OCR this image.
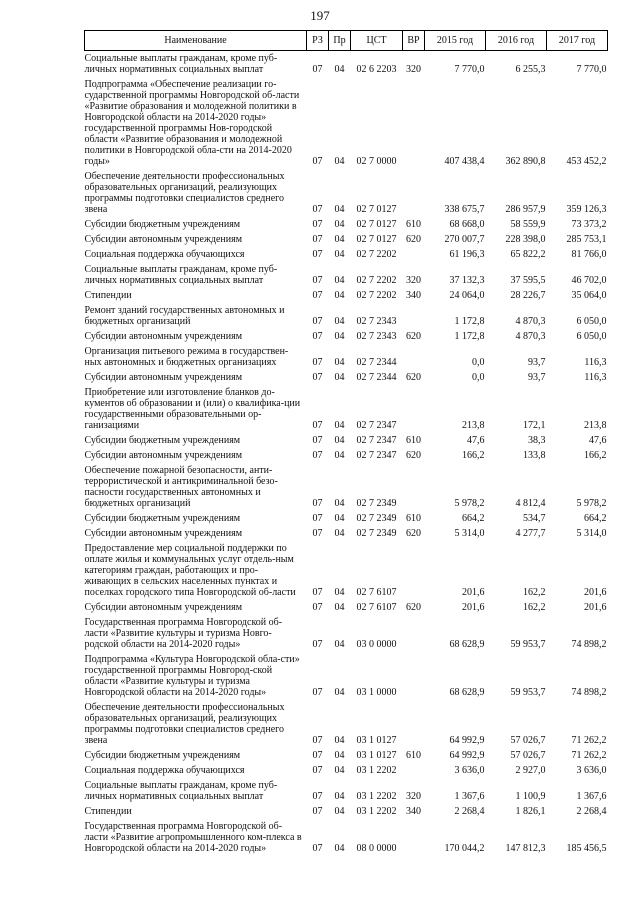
197
Наименование	РЗ	Пр	ЦСТ	ВР	2015 год	2016 год	2017 год
Социальные выплаты гражданам, кроме пуб-личных нормативных социальных выплат	07	04	02 6 2203	320	7 770,0	6 255,3	7 770,0
Подпрограмма «Обеспечение реализации го-сударственной программы Новгородской об-ласти «Развитие образования и молодежной политики в Новгородской области на 2014-2020 годы» государственной программы Нов-городской области «Развитие образования и молодежной политики в Новгородской обла-сти на 2014-2020 годы»	07	04	02 7 0000		407 438,4	362 890,8	453 452,2
Обеспечение деятельности профессиональных образовательных организаций, реализующих программы подготовки специалистов среднего звена	07	04	02 7 0127		338 675,7	286 957,9	359 126,3
Субсидии бюджетным учреждениям	07	04	02 7 0127	610	68 668,0	58 559,9	73 373,2
Субсидии автономным учреждениям	07	04	02 7 0127	620	270 007,7	228 398,0	285 753,1
Социальная поддержка обучающихся	07	04	02 7 2202		61 196,3	65 822,2	81 766,0
Социальные выплаты гражданам, кроме пуб-личных нормативных социальных выплат	07	04	02 7 2202	320	37 132,3	37 595,5	46 702,0
Стипендии	07	04	02 7 2202	340	24 064,0	28 226,7	35 064,0
Ремонт зданий государственных автономных и бюджетных организаций	07	04	02 7 2343		1 172,8	4 870,3	6 050,0
Субсидии автономным учреждениям	07	04	02 7 2343	620	1 172,8	4 870,3	6 050,0
Организация питьевого режима в государствен-ных автономных и бюджетных организациях	07	04	02 7 2344		0,0	93,7	116,3
Субсидии автономным учреждениям	07	04	02 7 2344	620	0,0	93,7	116,3
Приобретение или изготовление бланков до-кументов об образовании и (или) о квалифика-ции государственными образовательными ор-ганизациями	07	04	02 7 2347		213,8	172,1	213,8
Субсидии бюджетным учреждениям	07	04	02 7 2347	610	47,6	38,3	47,6
Субсидии автономным учреждениям	07	04	02 7 2347	620	166,2	133,8	166,2
Обеспечение пожарной безопасности, анти-террористической и антикриминальной безо-пасности государственных автономных и бюджетных организаций	07	04	02 7 2349		5 978,2	4 812,4	5 978,2
Субсидии бюджетным учреждениям	07	04	02 7 2349	610	664,2	534,7	664,2
Субсидии автономным учреждениям	07	04	02 7 2349	620	5 314,0	4 277,7	5 314,0
Предоставление мер социальной поддержки по оплате жилья и коммунальных услуг отдель-ным категориям граждан, работающих и про-живающих в сельских населенных пунктах и поселках городского типа Новгородской об-ласти	07	04	02 7 6107		201,6	162,2	201,6
Субсидии автономным учреждениям	07	04	02 7 6107	620	201,6	162,2	201,6
Государственная программа Новгородской об-ласти «Развитие культуры и туризма Новго-родской области на 2014-2020 годы»	07	04	03 0 0000		68 628,9	59 953,7	74 898,2
Подпрограмма «Культура Новгородской обла-сти» государственной программы Новгород-ской области «Развитие культуры и туризма Новгородской области на 2014-2020 годы»	07	04	03 1 0000		68 628,9	59 953,7	74 898,2
Обеспечение деятельности профессиональных образовательных организаций, реализующих программы подготовки специалистов среднего звена	07	04	03 1 0127		64 992,9	57 026,7	71 262,2
Субсидии бюджетным учреждениям	07	04	03 1 0127	610	64 992,9	57 026,7	71 262,2
Социальная поддержка обучающихся	07	04	03 1 2202		3 636,0	2 927,0	3 636,0
Социальные выплаты гражданам, кроме пуб-личных нормативных социальных выплат	07	04	03 1 2202	320	1 367,6	1 100,9	1 367,6
Стипендии	07	04	03 1 2202	340	2 268,4	1 826,1	2 268,4
Государственная программа Новгородской об-ласти «Развитие агропромышленного ком-плекса в Новгородской области на 2014-2020 годы»	07	04	08 0 0000		170 044,2	147 812,3	185 456,5
